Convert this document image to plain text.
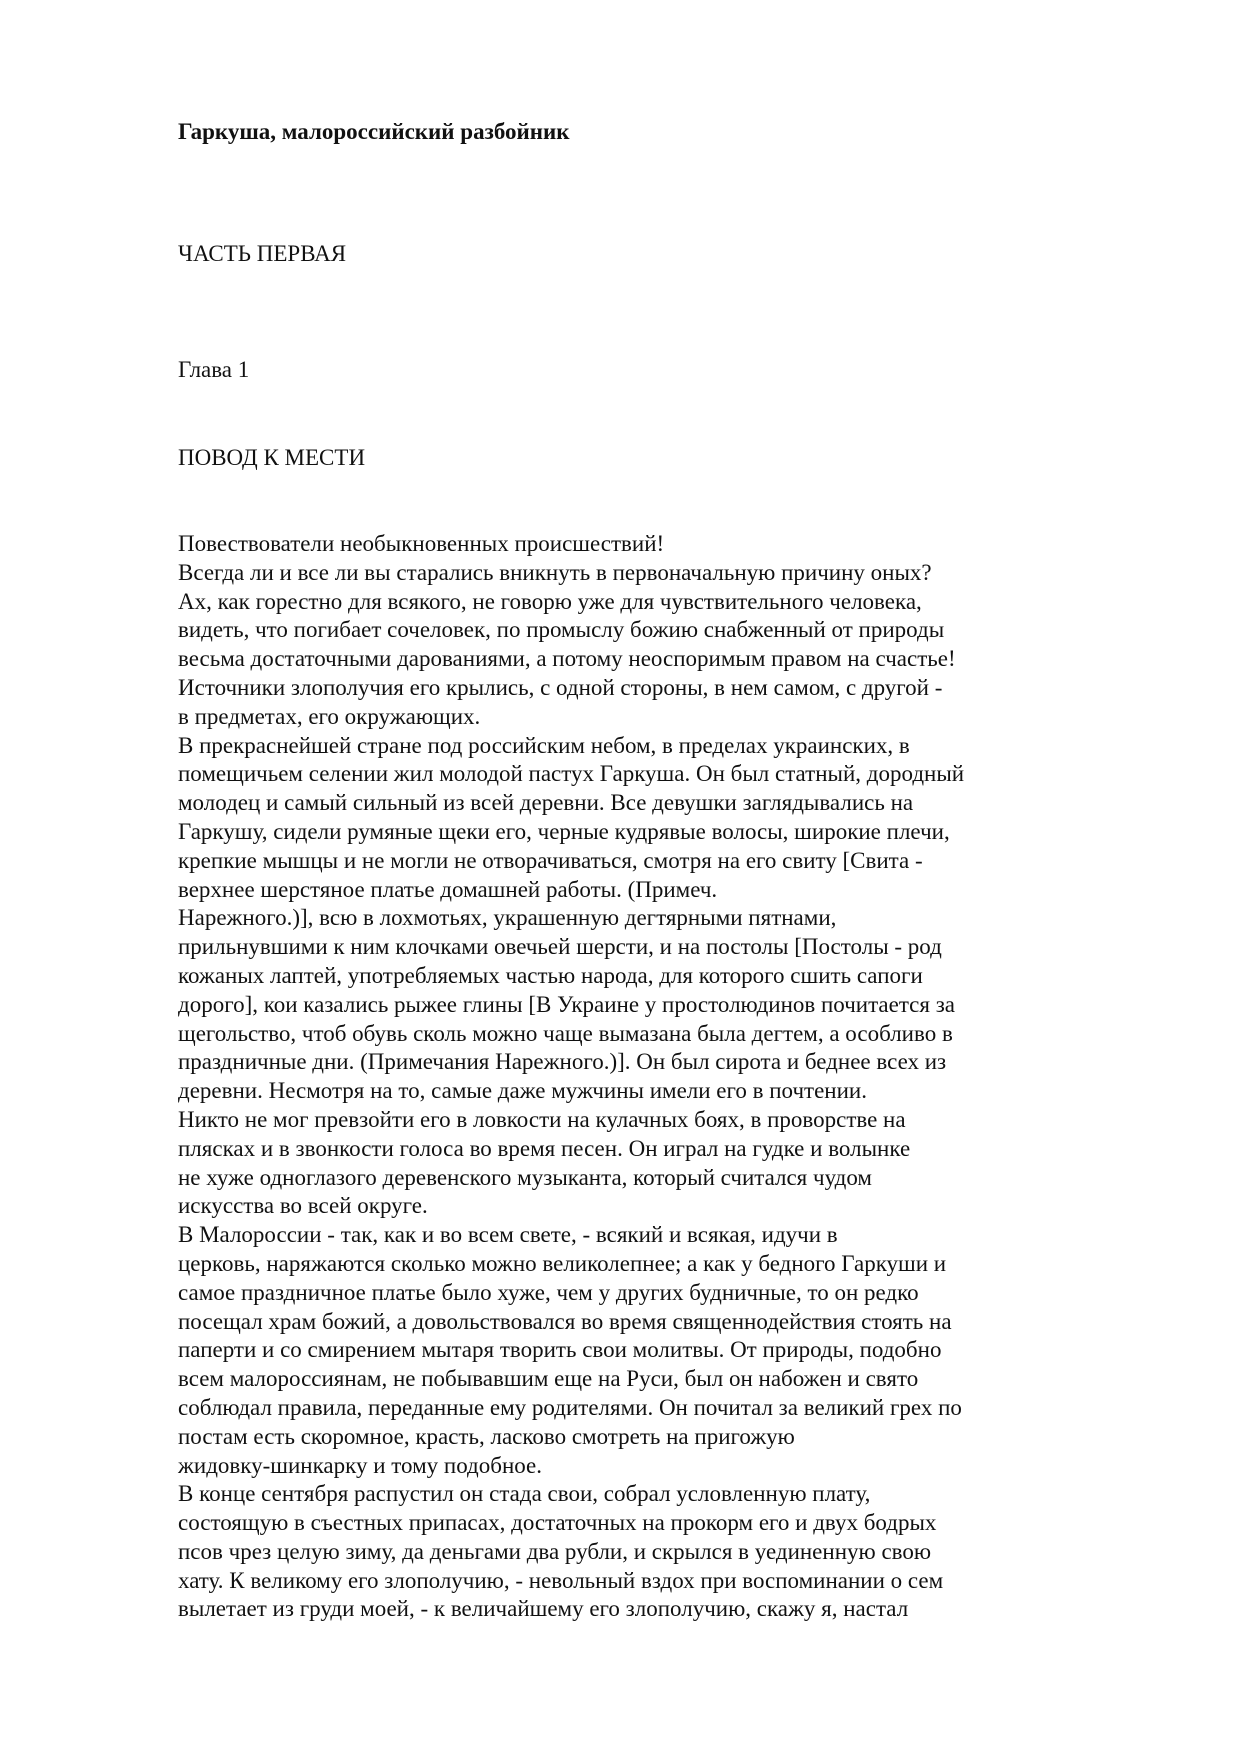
Гаркуша, малороссийский разбойник
ЧАСТЬ ПЕРВАЯ
Глава 1
ПОВОД К МЕСТИ
Повествователи необыкновенных происшествий!
Всегда ли и все ли вы старались вникнуть в первоначальную причину оных?
Ах, как горестно для всякого, не говорю уже для чувствительного человека,
видеть, что погибает сочеловек, по промыслу божию снабженный от природы
весьма достаточными дарованиями, а потому неоспоримым правом на счастье!
Источники злополучия его крылись, с одной стороны, в нем самом, с другой -
в предметах, его окружающих.
В прекраснейшей стране под российским небом, в пределах украинских, в
помещичьем селении жил молодой пастух Гаркуша. Он был статный, дородный
молодец и самый сильный из всей деревни. Все девушки заглядывались на
Гаркушу, сидели румяные щеки его, черные кудрявые волосы, широкие плечи,
крепкие мышцы и не могли не отворачиваться, смотря на его свиту [Свита -
верхнее шерстяное платье домашней работы. (Примеч.
Нарежного.)], всю в лохмотьях, украшенную дегтярными пятнами,
прильнувшими к ним клочками овечьей шерсти, и на постолы [Постолы - род
кожаных лаптей, употребляемых частью народа, для которого сшить сапоги
дорого], кои казались рыжее глины [В Украине у простолюдинов почитается за
щегольство, чтоб обувь сколь можно чаще вымазана была дегтем, а особливо в
праздничные дни. (Примечания Нарежного.)]. Он был сирота и беднее всех из
деревни. Несмотря на то, самые даже мужчины имели его в почтении.
Никто не мог превзойти его в ловкости на кулачных боях, в проворстве на
плясках и в звонкости голоса во время песен. Он играл на гудке и волынке
не хуже одноглазого деревенского музыканта, который считался чудом
искусства во всей округе.
В Малороссии - так, как и во всем свете, - всякий и всякая, идучи в
церковь, наряжаются сколько можно великолепнее; а как у бедного Гаркуши и
самое праздничное платье было хуже, чем у других будничные, то он редко
посещал храм божий, а довольствовался во время священнодействия стоять на
паперти и со смирением мытаря творить свои молитвы. От природы, подобно
всем малороссиянам, не побывавшим еще на Руси, был он набожен и свято
соблюдал правила, переданные ему родителями. Он почитал за великий грех по
постам есть скоромное, красть, ласково смотреть на пригожую
жидовку-шинкарку и тому подобное.
В конце сентября распустил он стада свои, собрал условленную плату,
состоящую в съестных припасах, достаточных на прокорм его и двух бодрых
псов чрез целую зиму, да деньгами два рубли, и скрылся в уединенную свою
хату. К великому его злополучию, - невольный вздох при воспоминании о сем
вылетает из груди моей, - к величайшему его злополучию, скажу я, настал
